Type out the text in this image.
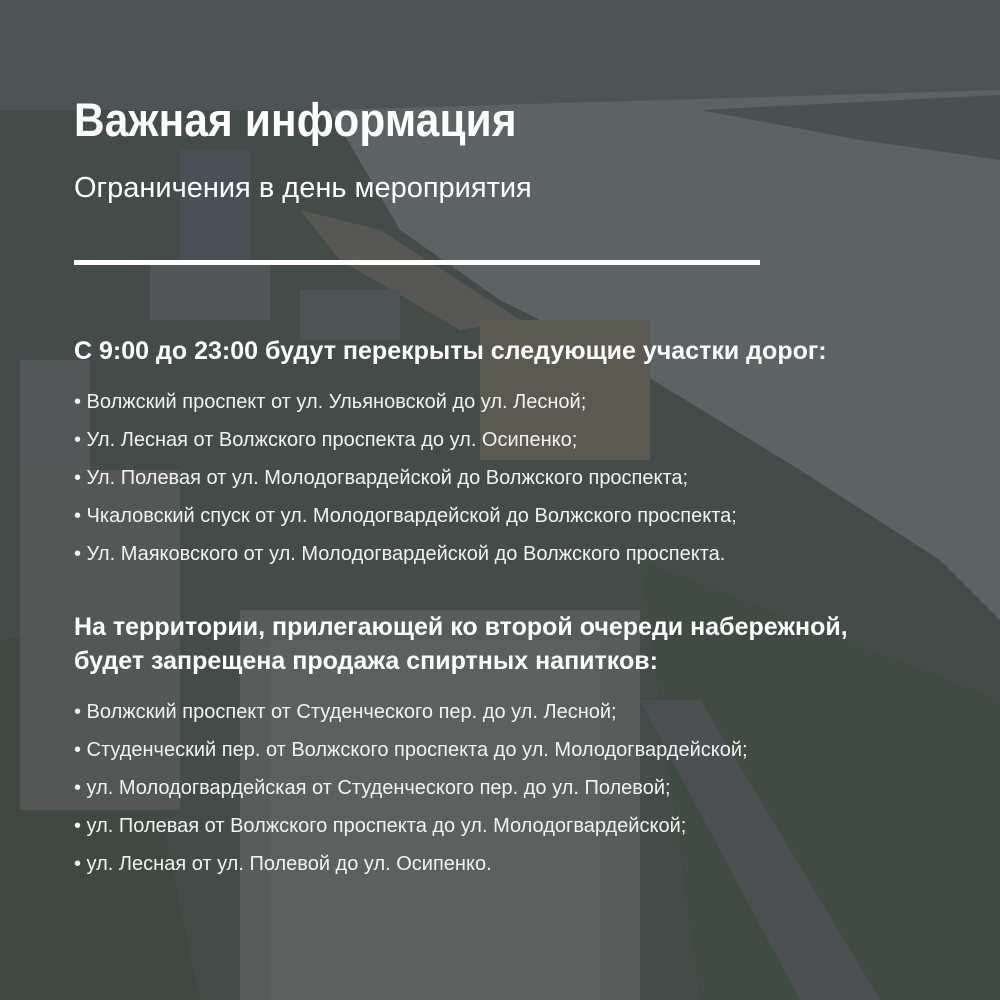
Важная информация

Ограничения в день мероприятия

С 9:00 до 23:00 будут перекрыты следующие участки дорог:

• Волжский проспект от ул. Ульяновской до ул. Лесной;
• Ул. Лесная от Волжского проспекта до ул. Осипенко;
• Ул. Полевая от ул. Молодогвардейской до Волжского проспекта;
• Чкаловский спуск от ул. Молодогвардейской до Волжского проспекта;
• Ул. Маяковского от ул. Молодогвардейской до Волжского проспекта.

На территории, прилегающей ко второй очереди набережной,
будет запрещена продажа спиртных напитков:

• Волжский проспект от Студенческого пер. до ул. Лесной;
• Студенческий пер. от Волжского проспекта до ул. Молодогвардейской;
• ул. Молодогвардейская от Студенческого пер. до ул. Полевой;
• ул. Полевая от Волжского проспекта до ул. Молодогвардейской;
• ул. Лесная от ул. Полевой до ул. Осипенко.
